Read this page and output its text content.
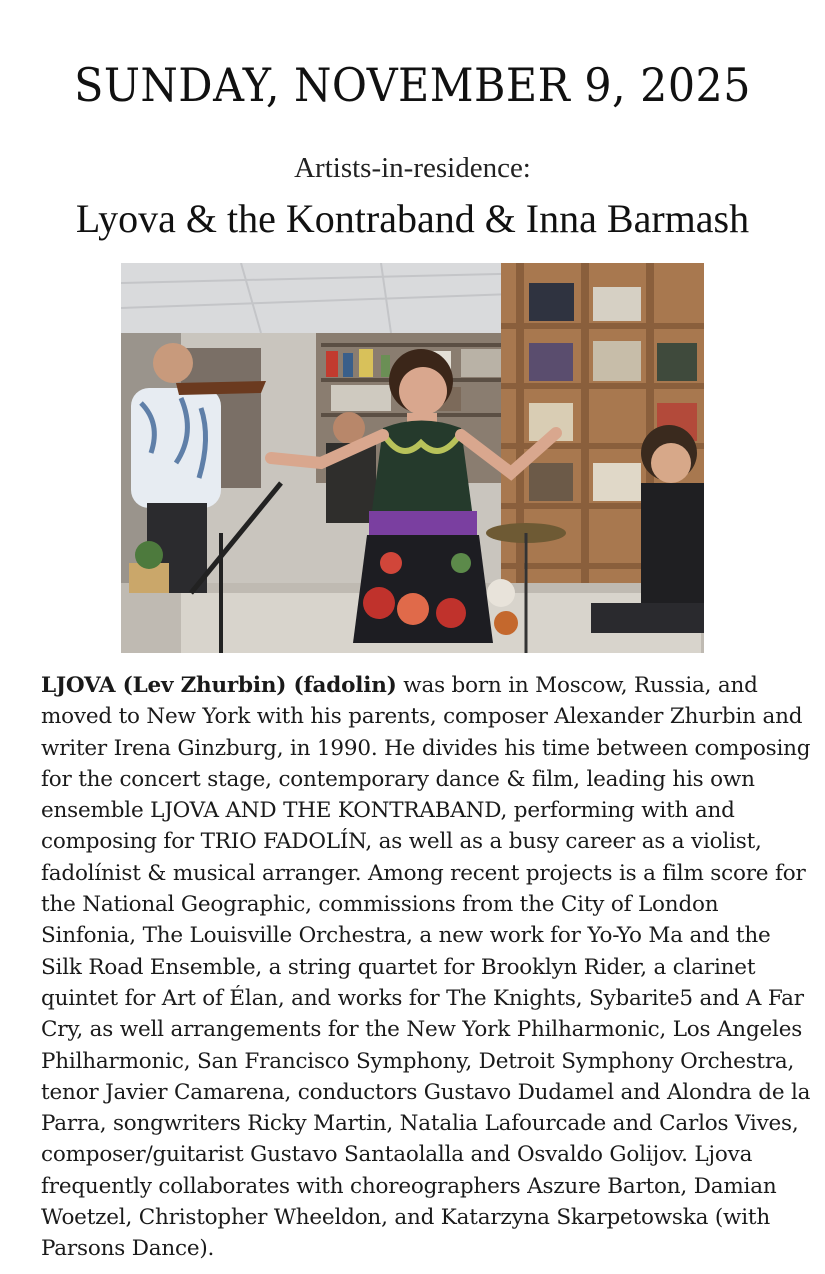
SUNDAY, NOVEMBER 9, 2025
Artists-in-residence:
Lyova & the Kontraband & Inna Barmash
LJOVA (Lev Zhurbin) (fadolin) was born in Moscow, Russia, and moved to New York with his parents, composer Alexander Zhurbin and writer Irena Ginzburg, in 1990. He divides his time between composing for the concert stage, contemporary dance & film, leading his own ensemble LJOVA AND THE KONTRABAND, performing with and composing for TRIO FADOLÍN, as well as a busy career as a violist, fadolínist & musical arranger. Among recent projects is a film score for the National Geographic, commissions from the City of London Sinfonia, The Louisville Orchestra, a new work for Yo-Yo Ma and the Silk Road Ensemble, a string quartet for Brooklyn Rider, a clarinet quintet for Art of Élan, and works for The Knights, Sybarite5 and A Far Cry, as well arrangements for the New York Philharmonic, Los Angeles Philharmonic, San Francisco Symphony, Detroit Symphony Orchestra, tenor Javier Camarena, conductors Gustavo Dudamel and Alondra de la Parra, songwriters Ricky Martin, Natalia Lafourcade and Carlos Vives, composer/guitarist Gustavo Santaolalla and Osvaldo Golijov. Ljova frequently collaborates with choreographers Aszure Barton, Damian Woetzel, Christopher Wheeldon, and Katarzyna Skarpetowska (with Parsons Dance).
